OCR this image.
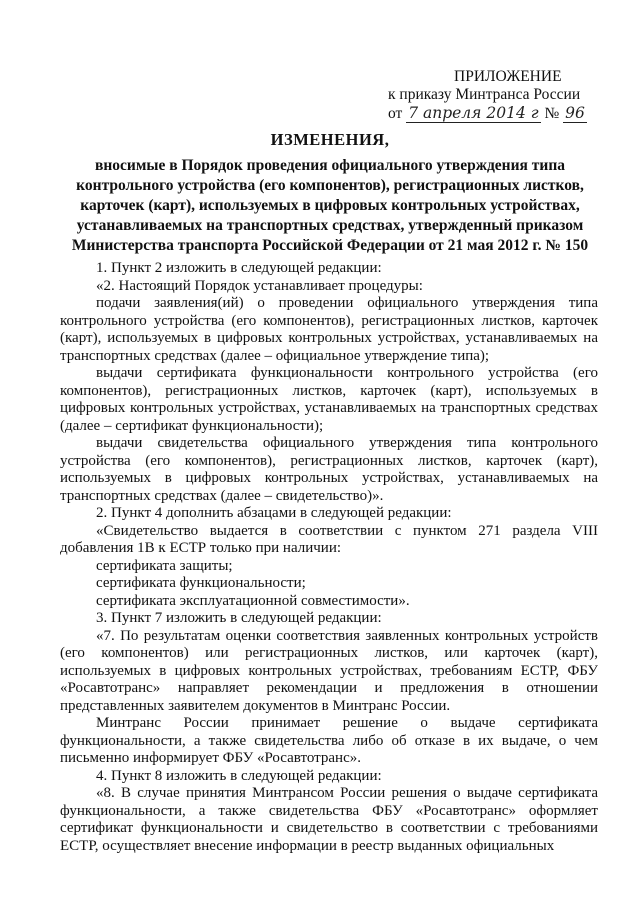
ПРИЛОЖЕНИЕ
к приказу Минтранса России
от 7 апреля 2014 г № 96
ИЗМЕНЕНИЯ,
вносимые в Порядок проведения официального утверждения типа контрольного устройства (его компонентов), регистрационных листков, карточек (карт), используемых в цифровых контрольных устройствах, устанавливаемых на транспортных средствах, утвержденный приказом Министерства транспорта Российской Федерации от 21 мая 2012 г. № 150
1. Пункт 2 изложить в следующей редакции:
«2. Настоящий Порядок устанавливает процедуры:
подачи заявления(ий) о проведении официального утверждения типа контрольного устройства (его компонентов), регистрационных листков, карточек (карт), используемых в цифровых контрольных устройствах, устанавливаемых на транспортных средствах (далее – официальное утверждение типа);
выдачи сертификата функциональности контрольного устройства (его компонентов), регистрационных листков, карточек (карт), используемых в цифровых контрольных устройствах, устанавливаемых на транспортных средствах (далее – сертификат функциональности);
выдачи свидетельства официального утверждения типа контрольного устройства (его компонентов), регистрационных листков, карточек (карт), используемых в цифровых контрольных устройствах, устанавливаемых на транспортных средствах (далее – свидетельство)».
2. Пункт 4 дополнить абзацами в следующей редакции:
«Свидетельство выдается в соответствии с пунктом 271 раздела VIII добавления 1В к ЕСТР только при наличии:
сертификата защиты;
сертификата функциональности;
сертификата эксплуатационной совместимости».
3. Пункт 7 изложить в следующей редакции:
«7. По результатам оценки соответствия заявленных контрольных устройств (его компонентов) или регистрационных листков, или карточек (карт), используемых в цифровых контрольных устройствах, требованиям ЕСТР, ФБУ «Росавтотранс» направляет рекомендации и предложения в отношении представленных заявителем документов в Минтранс России.
Минтранс России принимает решение о выдаче сертификата функциональности, а также свидетельства либо об отказе в их выдаче, о чем письменно информирует ФБУ «Росавтотранс».
4. Пункт 8 изложить в следующей редакции:
«8. В случае принятия Минтрансом России решения о выдаче сертификата функциональности, а также свидетельства ФБУ «Росавтотранс» оформляет сертификат функциональности и свидетельство в соответствии с требованиями ЕСТР, осуществляет внесение информации в реестр выданных официальных
